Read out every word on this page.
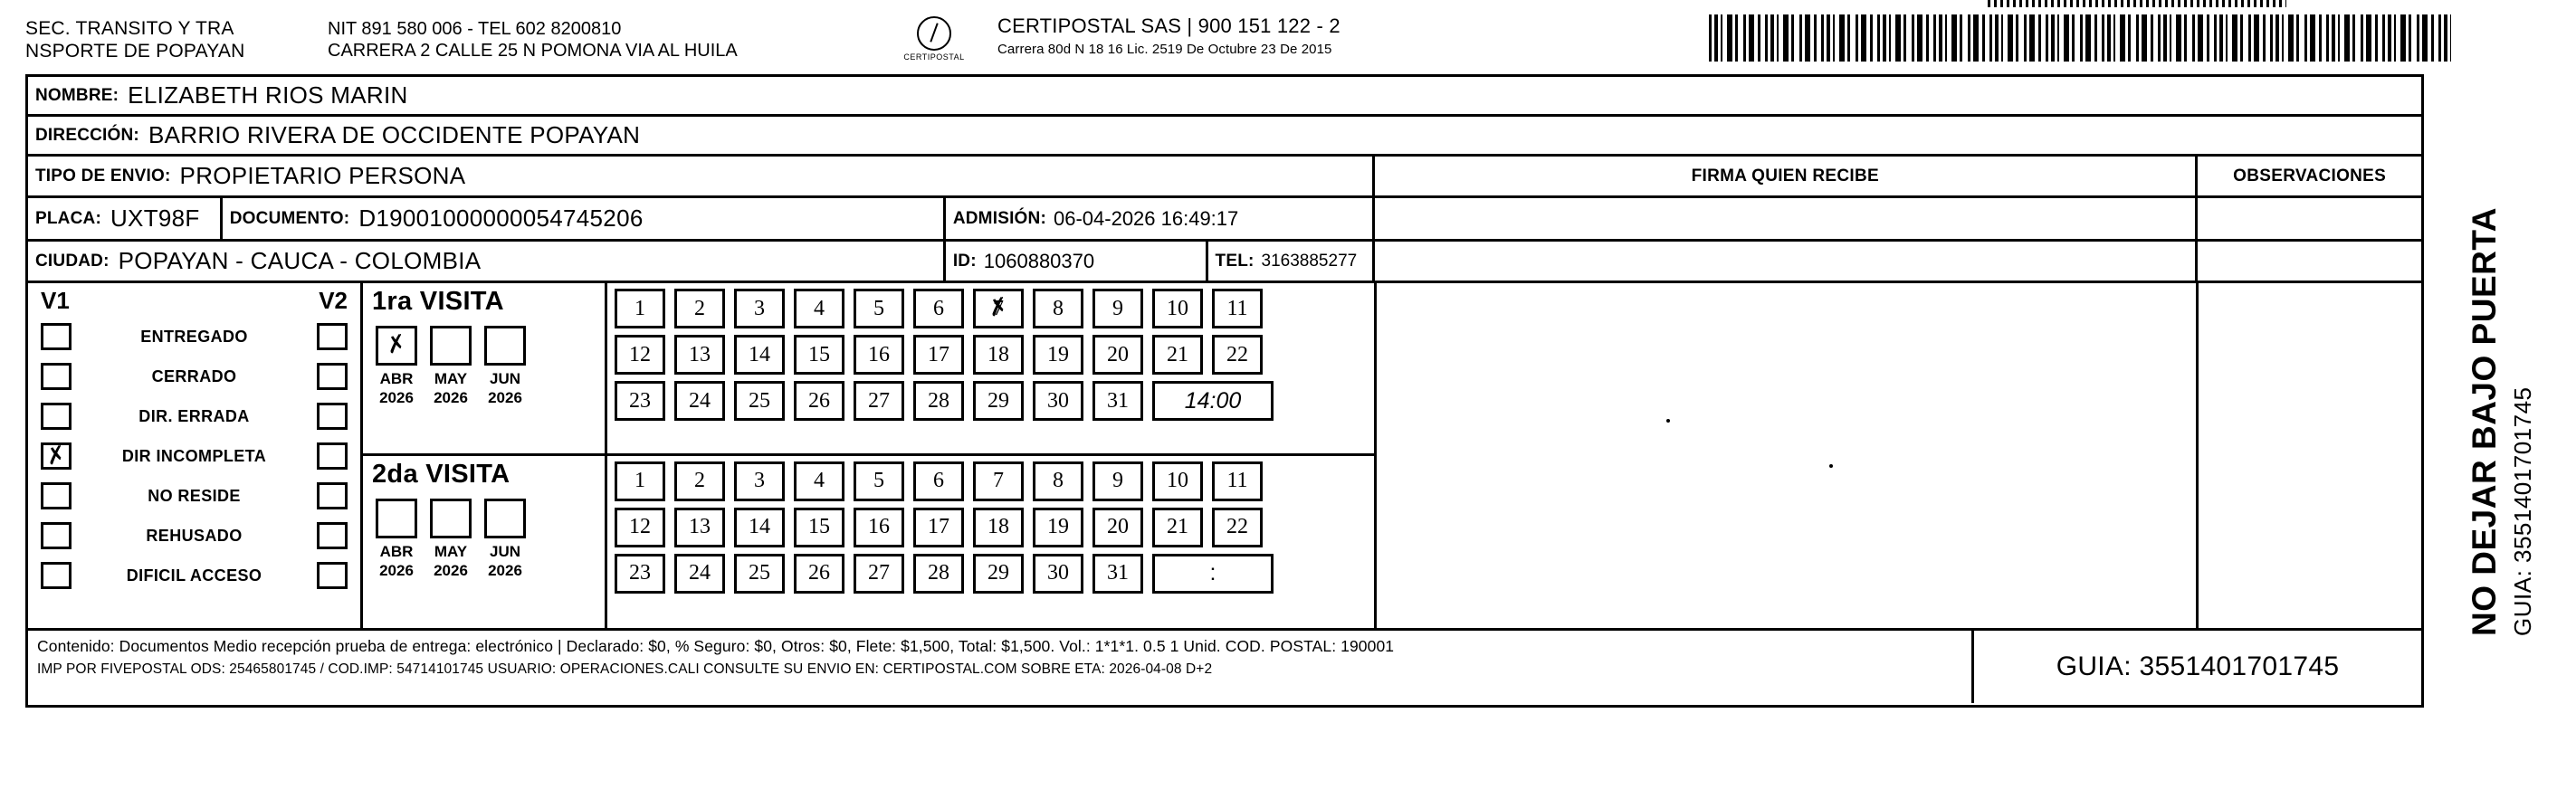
SEC. TRANSITO Y TRA
NSPORTE DE POPAYAN
NIT 891 580 006 - TEL 602 8200810
CARRERA 2 CALLE 25 N POMONA VIA AL HUILA	CERTIPOSTAL
CERTIPOSTAL SAS | 900 151 122 - 2
Carrera 80d N 18 16 Lic. 2519 De Octubre 23 De 2015
NOMBRE: ELIZABETH RIOS MARIN
DIRECCIÓN: BARRIO RIVERA DE OCCIDENTE POPAYAN
TIPO DE ENVIO: PROPIETARIO PERSONA	FIRMA QUIEN RECIBE	OBSERVACIONES
PLACA: UXT98F DOCUMENTO: D19001000000054745206	ADMISIÓN: 06-04-2026 16:49:17
CIUDAD: POPAYAN - CAUCA - COLOMBIA	ID: 1060880370	TEL: 3163885277
V1	V2
ENTREGADO
CERRADO
DIR. ERRADA
✗
DIR INCOMPLETA
NO RESIDE
REHUSADO
DIFICIL ACCESO
1ra VISITA
✗
ABR
2026
MAY
2026
JUN
2026
1	2	3	4	5	6	7 ✗	8	9	10	11
12	13	14	15	16	17	18	19	20	21	22
23	24	25	26	27	28	29	30	31	14:00
2da VISITA
ABR
2026
MAY
2026
JUN
2026
1	2	3	4	5	6	7	8	9	10	11
12	13	14	15	16	17	18	19	20	21	22
23	24	25	26	27	28	29	30	31	:
Contenido: Documentos Medio recepción prueba de entrega: electrónico | Declarado: $0, % Seguro: $0, Otros: $0, Flete: $1,500, Total: $1,500. Vol.: 1*1*1. 0.5 1 Unid. COD. POSTAL: 190001
IMP POR FIVEPOSTAL ODS: 25465801745 / COD.IMP: 54714101745 USUARIO: OPERACIONES.CALI CONSULTE SU ENVIO EN: CERTIPOSTAL.COM SOBRE ETA: 2026-04-08 D+2	GUIA: 3551401701745
NO DEJAR BAJO PUERTA GUIA: 3551401701745
